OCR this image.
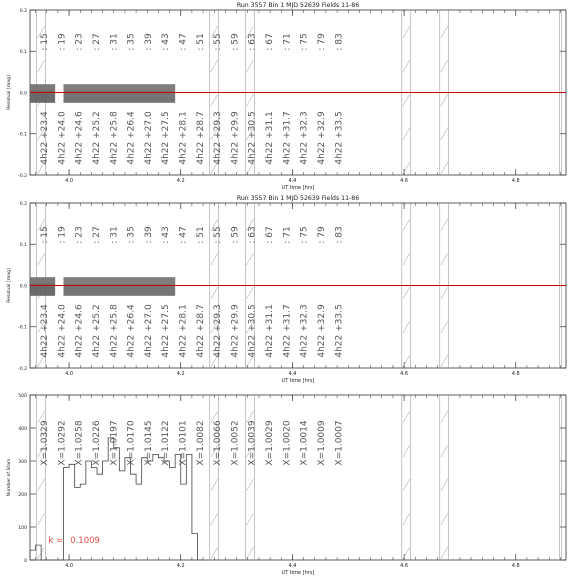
Run 3557 Bin 1 MJD 52639 Fields 11-86
Residual [mag]
UT time [hrs]
4.0	4.2	4.4	4.6	4.8
-0.2
-0.1
0.0
0.1
0.2
: 15
4h22 +23.4
: 19
4h22 +24.0
: 23
4h22 +24.6
: 27
4h22 +25.2
: 31
4h22 +25.8
: 35
4h22 +26.4
: 39
4h22 +27.0
: 43
4h22 +27.5
: 47
4h22 +28.1
: 51
4h22 +28.7
: 55
4h22 +29.3
: 59
4h22 +29.9
: 63
4h22 +30.5
: 67
4h22 +31.1
: 71
4h22 +31.7
: 75
4h22 +32.3
: 79
4h22 +32.9
: 83
4h22 +33.5
Run 3557 Bin 1 MJD 52639 Fields 11-86
Residual [mag]
UT time [hrs]
4.0	4.2	4.4	4.6	4.8
-0.2
-0.1
0.0
0.1
0.2
: 15
4h22 +23.4
: 19
4h22 +24.0
: 23
4h22 +24.6
: 27
4h22 +25.2
: 31
4h22 +25.8
: 35
4h22 +26.4
: 39
4h22 +27.0
: 43
4h22 +27.5
: 47
4h22 +28.1
: 51
4h22 +28.7
: 55
4h22 +29.3
: 59
4h22 +29.9
: 63
4h22 +30.5
: 67
4h22 +31.1
: 71
4h22 +31.7
: 75
4h22 +32.3
: 79
4h22 +32.9
: 83
4h22 +33.5
Number of Stars
UT time [hrs]
4.0	4.2	4.4	4.6	4.8
0
100
200
300
400
500
X=1.0329 X=1.0292 X=1.0258 X=1.0226 X=1.0197 X=1.0170 X=1.0145 X=1.0122 X=1.0101 X=1.0082 X=1.0066 X=1.0052 X=1.0039 X=1.0029 X=1.0020 X=1.0014 X=1.0009 X=1.0007
k = 0.1009
